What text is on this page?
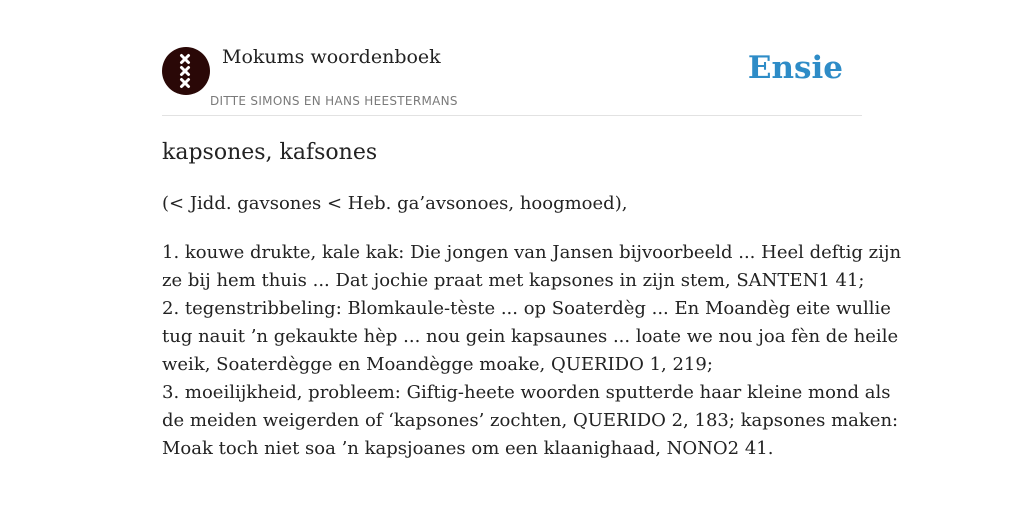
Mokums woordenboek
DITTE SIMONS EN HANS HEESTERMANS
Ensie
kapsones, kafsones
(< Jidd. gavsones < Heb. ga’avsonoes, hoogmoed),
1. kouwe drukte, kale kak: Die jongen van Jansen bijvoorbeeld ... Heel deftig zijn
ze bij hem thuis ... Dat jochie praat met kapsones in zijn stem, SANTEN1 41;
2. tegenstribbeling: Blomkaule-tèste ... op Soaterdèg ... En Moandèg eite wullie
tug nauit ’n gekaukte hèp ... nou gein kapsaunes ... loate we nou joa fèn de heile
weik, Soaterdègge en Moandègge moake, QUERIDO 1, 219;
3. moeilijkheid, probleem: Giftig-heete woorden sputterde haar kleine mond als
de meiden weigerden of ‘kapsones’ zochten, QUERIDO 2, 183; kapsones maken:
Moak toch niet soa ’n kapsjoanes om een klaanighaad, NONO2 41.
